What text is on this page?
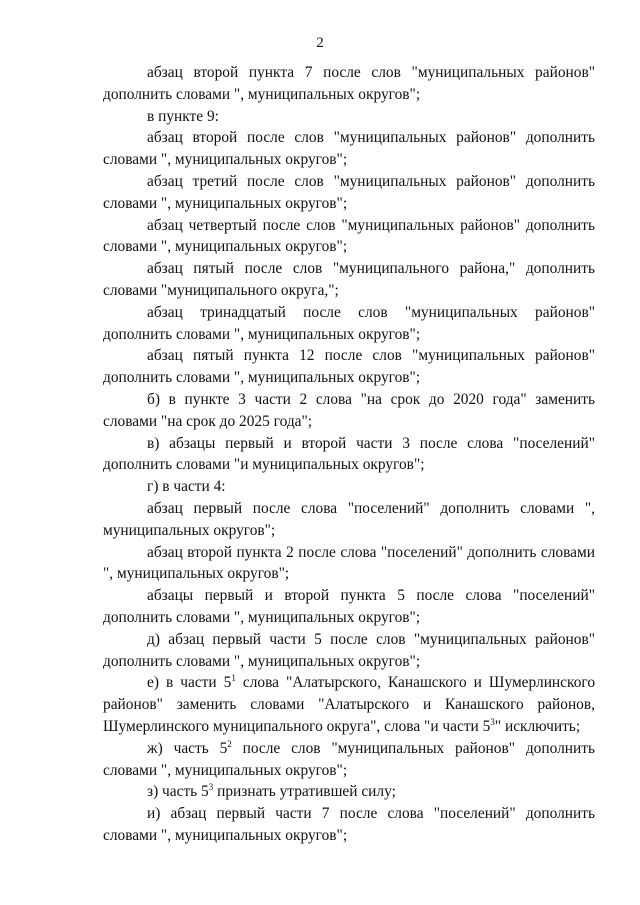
2

абзац второй пункта 7 после слов "муниципальных районов" дополнить словами ", муниципальных округов";

в пункте 9:

абзац второй после слов "муниципальных районов" дополнить словами ", муниципальных округов";

абзац третий после слов "муниципальных районов" дополнить словами ", муниципальных округов";

абзац четвертый после слов "муниципальных районов" дополнить словами ", муниципальных округов";

абзац пятый после слов "муниципального района," дополнить словами "муниципального округа,";

абзац тринадцатый после слов "муниципальных районов" дополнить словами ", муниципальных округов";

абзац пятый пункта 12 после слов "муниципальных районов" дополнить словами ", муниципальных округов";

б) в пункте 3 части 2 слова "на срок до 2020 года" заменить словами "на срок до 2025 года";

в) абзацы первый и второй части 3 после слова "поселений" дополнить словами "и муниципальных округов";

г) в части 4:

абзац первый после слова "поселений" дополнить словами ", муниципальных округов";

абзац второй пункта 2 после слова "поселений" дополнить словами ", муниципальных округов";

абзацы первый и второй пункта 5 после слова "поселений" дополнить словами ", муниципальных округов";

д) абзац первый части 5 после слов "муниципальных районов" дополнить словами ", муниципальных округов";

е) в части $5^1$ слова "Алатырского, Канашского и Шумерлинского районов" заменить словами "Алатырского и Канашского районов, Шумерлинского муниципального округа", слова "и части $5^3$" исключить;

ж) часть $5^2$ после слов "муниципальных районов" дополнить словами ", муниципальных округов";

з) часть $5^3$ признать утратившей силу;

и) абзац первый части 7 после слова "поселений" дополнить словами ", муниципальных округов";
